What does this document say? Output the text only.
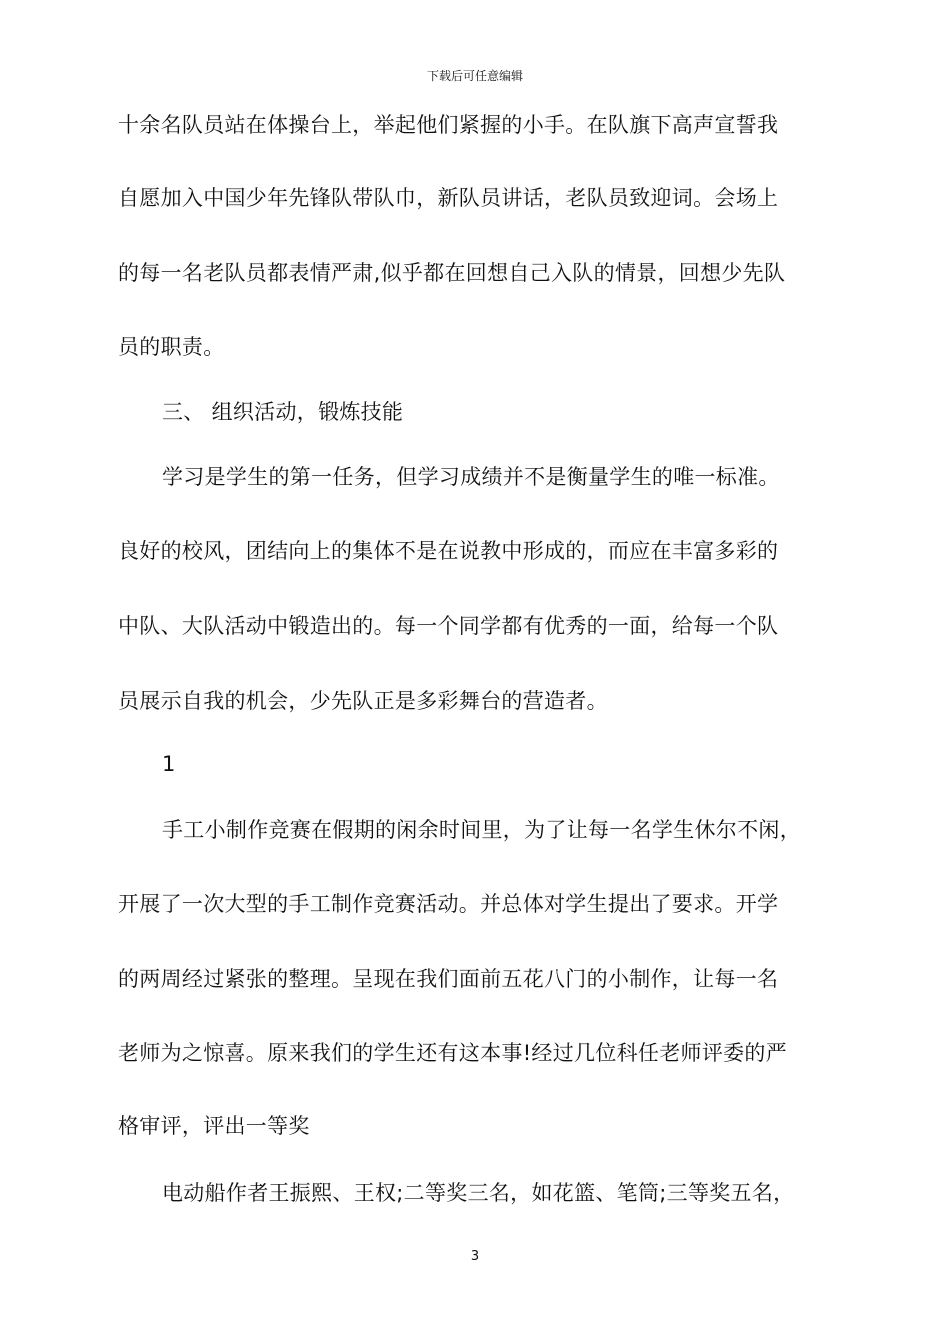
下载后可任意编辑
十余名队员站在体操台上，举起他们紧握的小手。在队旗下高声宣誓我
自愿加入中国少年先锋队带队巾，新队员讲话，老队员致迎词。会场上
的每一名老队员都表情严肃,似乎都在回想自己入队的情景，回想少先队
员的职责。
三、 组织活动，锻炼技能
学习是学生的第一任务，但学习成绩并不是衡量学生的唯一标准。
良好的校风，团结向上的集体不是在说教中形成的，而应在丰富多彩的
中队、大队活动中锻造出的。每一个同学都有优秀的一面，给每一个队
员展示自我的机会，少先队正是多彩舞台的营造者。
1
手工小制作竞赛在假期的闲余时间里，为了让每一名学生休尔不闲，
开展了一次大型的手工制作竞赛活动。并总体对学生提出了要求。开学
的两周经过紧张的整理。呈现在我们面前五花八门的小制作，让每一名
老师为之惊喜。原来我们的学生还有这本事!经过几位科任老师评委的严
格审评，评出一等奖
电动船作者王振熙、王权;二等奖三名，如花篮、笔筒;三等奖五名，
3
